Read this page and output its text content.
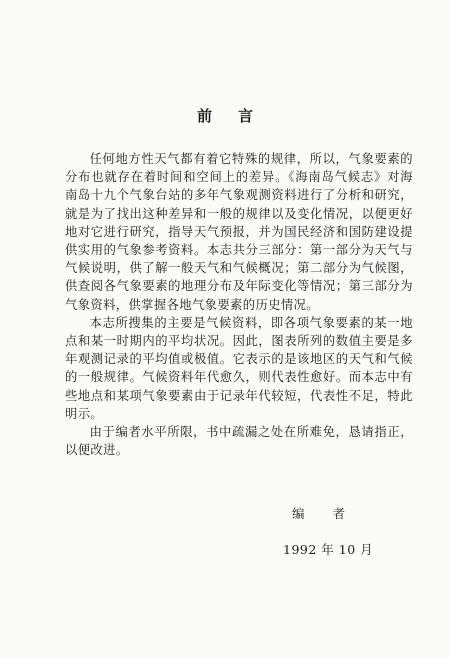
前言

任何地方性天气都有着它特殊的规律，所以，气象要素的分布也就存在着时间和空间上的差异。《海南岛气候志》对海南岛十九个气象台站的多年气象观测资料进行了分析和研究，就是为了找出这种差异和一般的规律以及变化情况，以便更好地对它进行研究，指导天气预报，并为国民经济和国防建设提供实用的气象参考资料。本志共分三部分：第一部分为天气与气候说明，供了解一般天气和气候概况；第二部分为气候图，供查阅各气象要素的地理分布及年际变化等情况；第三部分为气象资料，供掌握各地气象要素的历史情况。

本志所搜集的主要是气候资料，即各项气象要素的某一地点和某一时期内的平均状况。因此，图表所列的数值主要是多年观测记录的平均值或极值。它表示的是该地区的天气和气候的一般规律。气候资料年代愈久，则代表性愈好。而本志中有些地点和某项气象要素由于记录年代较短，代表性不足，特此明示。

由于编者水平所限，书中疏漏之处在所难免，恳请指正，以便改进。

编者
1992 年 10 月
